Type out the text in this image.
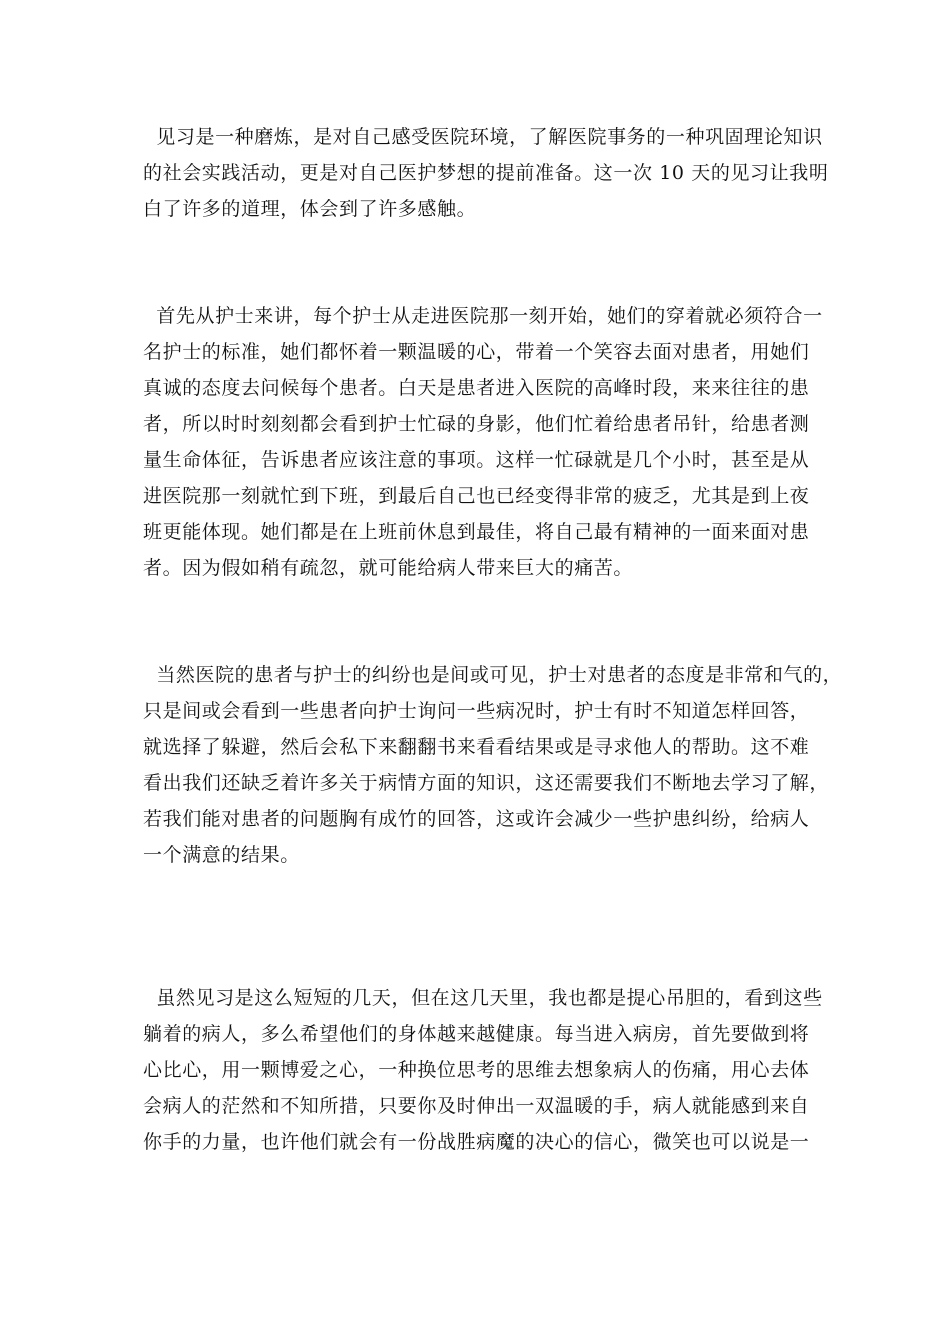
见习是一种磨炼，是对自己感受医院环境，了解医院事务的一种巩固理论知识
的社会实践活动，更是对自己医护梦想的提前准备。这一次 10 天的见习让我明
白了许多的道理，体会到了许多感触。
首先从护士来讲，每个护士从走进医院那一刻开始，她们的穿着就必须符合一
名护士的标准，她们都怀着一颗温暖的心，带着一个笑容去面对患者，用她们
真诚的态度去问候每个患者。白天是患者进入医院的高峰时段，来来往往的患
者，所以时时刻刻都会看到护士忙碌的身影，他们忙着给患者吊针，给患者测
量生命体征，告诉患者应该注意的事项。这样一忙碌就是几个小时，甚至是从
进医院那一刻就忙到下班，到最后自己也已经变得非常的疲乏，尤其是到上夜
班更能体现。她们都是在上班前休息到最佳，将自己最有精神的一面来面对患
者。因为假如稍有疏忽，就可能给病人带来巨大的痛苦。
当然医院的患者与护士的纠纷也是间或可见，护士对患者的态度是非常和气的，
只是间或会看到一些患者向护士询问一些病况时，护士有时不知道怎样回答，
就选择了躲避，然后会私下来翻翻书来看看结果或是寻求他人的帮助。这不难
看出我们还缺乏着许多关于病情方面的知识，这还需要我们不断地去学习了解，
若我们能对患者的问题胸有成竹的回答，这或许会减少一些护患纠纷，给病人
一个满意的结果。
虽然见习是这么短短的几天，但在这几天里，我也都是提心吊胆的，看到这些
躺着的病人，多么希望他们的身体越来越健康。每当进入病房，首先要做到将
心比心，用一颗博爱之心，一种换位思考的思维去想象病人的伤痛，用心去体
会病人的茫然和不知所措，只要你及时伸出一双温暖的手，病人就能感到来自
你手的力量，也许他们就会有一份战胜病魔的决心的信心，微笑也可以说是一
